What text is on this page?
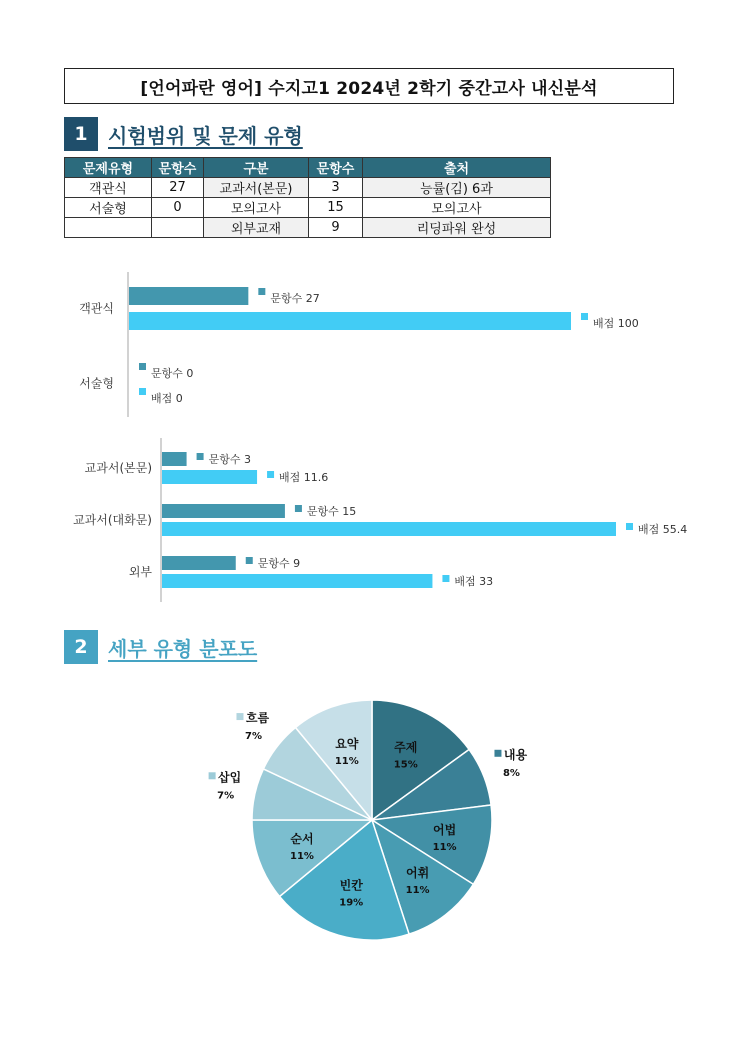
[언어파란 영어] 수지고1 2024년 2학기 중간고사 내신분석
1	시험범위 및 문제 유형
문제유형	문항수	구분	문항수	출처
객관식	27	교과서(본문)	3	능률(김) 6과
서술형	0	모의고사	15	모의고사
		외부교재	9	리딩파워 완성
객관식
문항수 27
배점 100
서술형
문항수 0
배점 0
교과서(본문)
문항수 3
배점 11.6
교과서(대화문)
문항수 15
배점 55.4
외부
문항수 9
배점 33
2	세부 유형 분포도
주제
15%
내용
8%
어법
11%
어휘
11%
빈칸
19%
순서
11%
삽입
7%
흐름
7%
요약
11%
